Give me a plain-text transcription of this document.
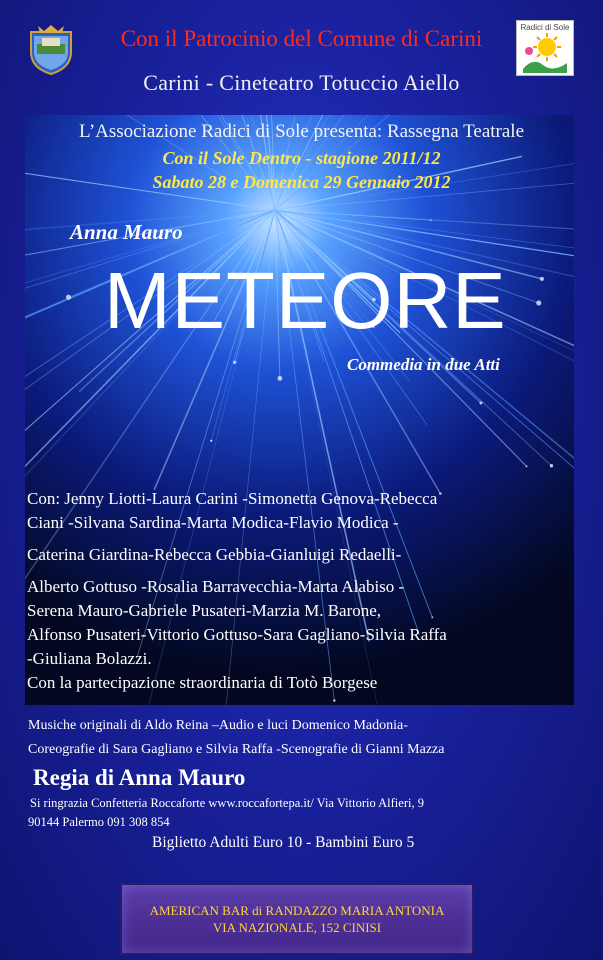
Con il Patrocinio del Comune di Carini	Radici di Sole
Carini - Cineteatro Totuccio Aiello
L’Associazione Radici di Sole presenta: Rassegna Teatrale
Con il Sole Dentro - stagione 2011/12
Sabato 28 e Domenica 29 Gennaio 2012
Anna Mauro
METEORE
Commedia in due Atti
Con: Jenny Liotti-Laura Carini -Simonetta Genova-Rebecca
Ciani -Silvana Sardina-Marta Modica-Flavio Modica -
Caterina Giardina-Rebecca Gebbia-Gianluigi Redaelli-
Alberto Gottuso -Rosalia Barravecchia-Marta Alabiso -
Serena Mauro-Gabriele Pusateri-Marzia M. Barone,
Alfonso Pusateri-Vittorio Gottuso-Sara Gagliano-Silvia Raffa
-Giuliana Bolazzi.
Con la partecipazione straordinaria di Totò Borgese
Musiche originali di Aldo Reina –Audio e luci Domenico Madonia-
Coreografie di Sara Gagliano e Silvia Raffa -Scenografie di Gianni Mazza
Regia di Anna Mauro
Si ringrazia Confetteria Roccaforte www.roccafortepa.it/ Via Vittorio Alfieri, 9
90144 Palermo 091 308 854
Biglietto Adulti Euro 10 - Bambini Euro 5
AMERICAN BAR di RANDAZZO MARIA ANTONIA
VIA NAZIONALE, 152 CINISI
